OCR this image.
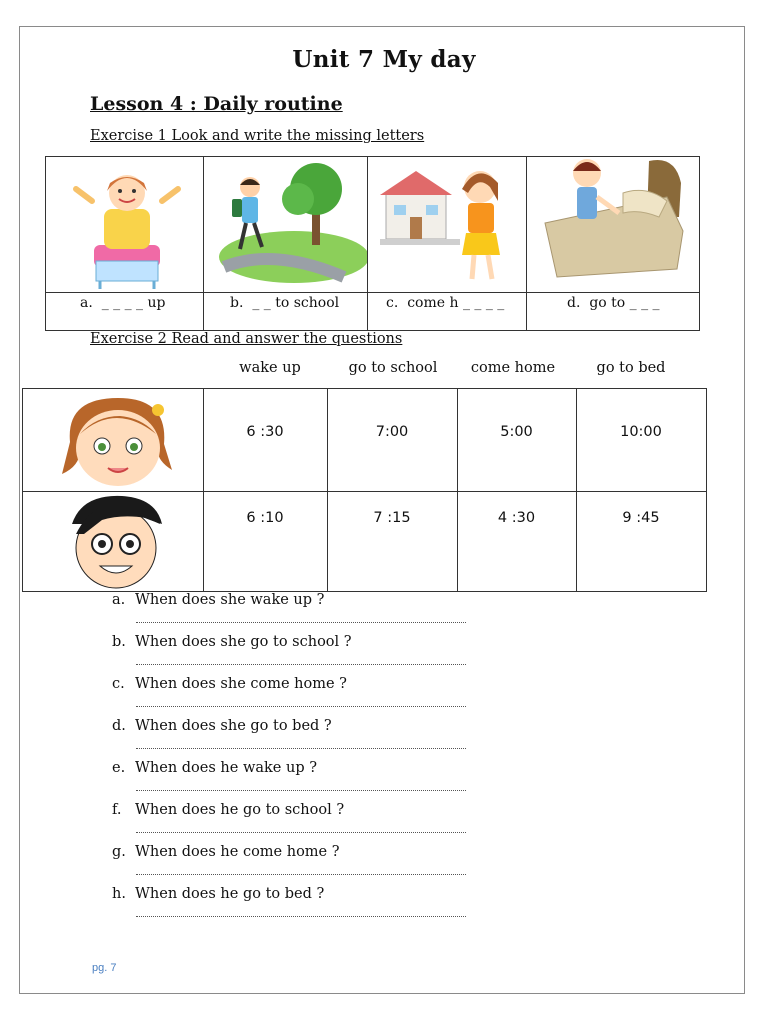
Unit 7 My day
Lesson 4 : Daily routine
Exercise 1 Look and write the missing letters
a.  _ _ _ _ up	b.  _ _ to school	c.  come h _ _ _ _	d.  go to _ _ _
Exercise 2 Read and answer the questions
wake up	go to school	come home	go to bed
6 :30	7:00	5:00	10:00
6 :10	7 :15	4 :30	9 :45
a. When does she wake up ?
b. When does she go to school ?
c. When does she come home ?
d. When does she go to bed ?
e. When does he wake up ?
f. When does he go to school ?
g. When does he come home ?
h. When does he go to bed ?
pg. 7
